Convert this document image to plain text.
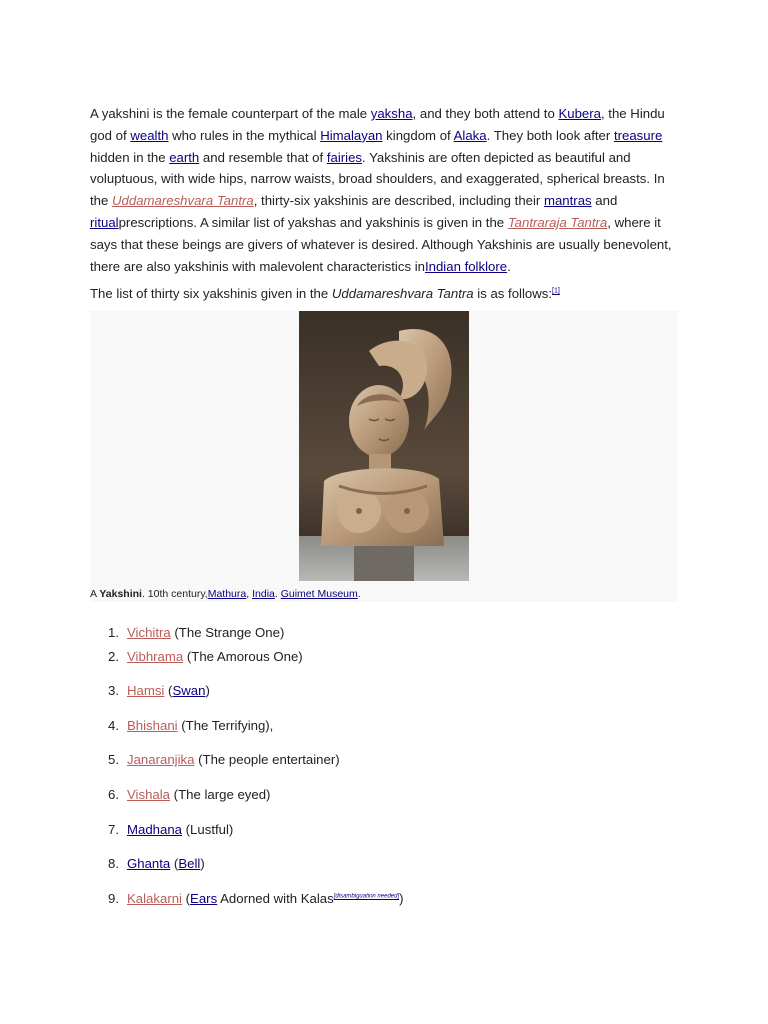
A yakshini is the female counterpart of the male yaksha, and they both attend to Kubera, the Hindu god of wealth who rules in the mythical Himalayan kingdom of Alaka. They both look after treasure hidden in the earth and resemble that of fairies. Yakshinis are often depicted as beautiful and voluptuous, with wide hips, narrow waists, broad shoulders, and exaggerated, spherical breasts. In the Uddamareshvara Tantra, thirty-six yakshinis are described, including their mantras and ritualprescriptions. A similar list of yakshas and yakshinis is given in the Tantraraja Tantra, where it says that these beings are givers of whatever is desired. Although Yakshinis are usually benevolent, there are also yakshinis with malevolent characteristics inIndian folklore.

The list of thirty six yakshinis given in the Uddamareshvara Tantra is as follows:[1]

A Yakshini. 10th century,Mathura, India. Guimet Museum.
1. Vichitra (The Strange One)
2. Vibhrama (The Amorous One)
3. Hamsi (Swan)
4. Bhishani (The Terrifying),
5. Janaranjika (The people entertainer)
6. Vishala (The large eyed)
7. Madhana (Lustful)
8. Ghanta (Bell)
9. Kalakarni (Ears Adorned with Kalas[disambiguation needed])
